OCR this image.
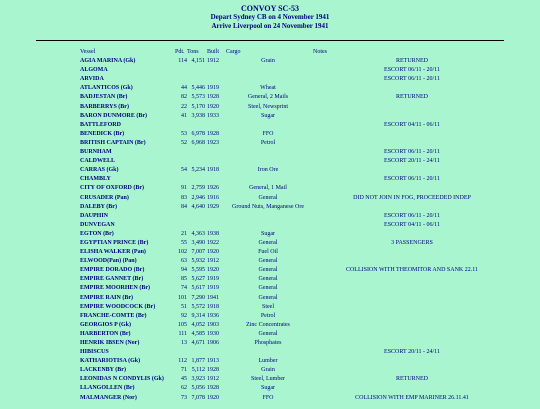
CONVOY SC-53
Depart Sydney CB on 4 November 1941
Arrive Liverpool on 24 November 1941
Vessel	Pdt. Tons Built Cargo	Notes
AGIA MARINA (Gk)	114 4,151 1912	Grain	RETURNED
ALGOMA	ESCORT 06/11 - 20/11
ARVIDA	ESCORT 06/11 - 20/11
ATLANTICOS (Gk)	44 5,446 1919	Wheat
BADJESTAN (Br)	82 5,573 1928	General, 2 Mails	RETURNED
BARBERRYS (Br)	22 5,170 1920	Steel, Newsprint
BARON DUNMORE (Br)	41 3,938 1933	Sugar
BATTLEFORD	ESCORT 04/11 - 06/11
BENEDICK (Br)	53 6,978 1928	FFO
BRITISH CAPTAIN (Br)	52 6,968 1923	Petrol
BURNHAM	ESCORT 06/11 - 20/11
CALDWELL	ESCORT 20/11 - 24/11
CARRAS (Gk)	54 5,234 1918	Iron Ore
CHAMBLY	ESCORT 06/11 - 20/11
CITY OF OXFORD (Br)	91 2,759 1926	General, 1 Mail
CRUSADER (Pan)	83 2,946 1916	General	DID NOT JOIN IN FOG, PROCEEDED INDEP
DALEBY (Br)	84 4,640 1929	Ground Nuts, Manganese Ore
DAUPHIN	ESCORT 06/11 - 20/11
DUNVEGAN	ESCORT 04/11 - 06/11
EGTON (Br)	21 4,363 1938	Sugar
EGYPTIAN PRINCE (Br)	55 3,490 1922	General	3 PASSENGERS
ELISHA WALKER (Pan)	102 7,007 1920	Fuel Oil
ELWOOD(Pan) (Pan)	63 5,932 1912	General
EMPIRE DORADO (Br)	94 5,595 1920	General	COLLISION WITH THEOMITOR AND SANK 22.11
EMPIRE GANNET (Br)	85 5,627 1919	General
EMPIRE MOORHEN (Br)	74 5,617 1919	General
EMPIRE RAIN (Br)	101 7,290 1941	General
EMPIRE WOODCOCK (Br)	51 5,572 1918	Steel
FRANCHE-COMTE (Br)	92 9,314 1936	Petrol
GEORGIOS P (Gk)	105 4,052 1903	Zinc Concentrates
HARBERTON (Br)	111 4,585 1930	General
HENRIK IBSEN (Nor)	13 4,671 1906	Phosphates
HIBISCUS	ESCORT 20/11 - 24/11
KATHARIOTISA (Gk)	112 1,877 1913	Lumber
LACKENBY (Br)	71 5,112 1928	Grain
LEONIDAS N CONDYLIS (Gk)	45 3,923 1912	Steel, Lumber	RETURNED
LLANGOLLEN (Br)	62 5,056 1928	Sugar
MALMANGER (Nor)	73 7,078 1920	FFO	COLLISION WITH EMP MARINER 26.11.41
